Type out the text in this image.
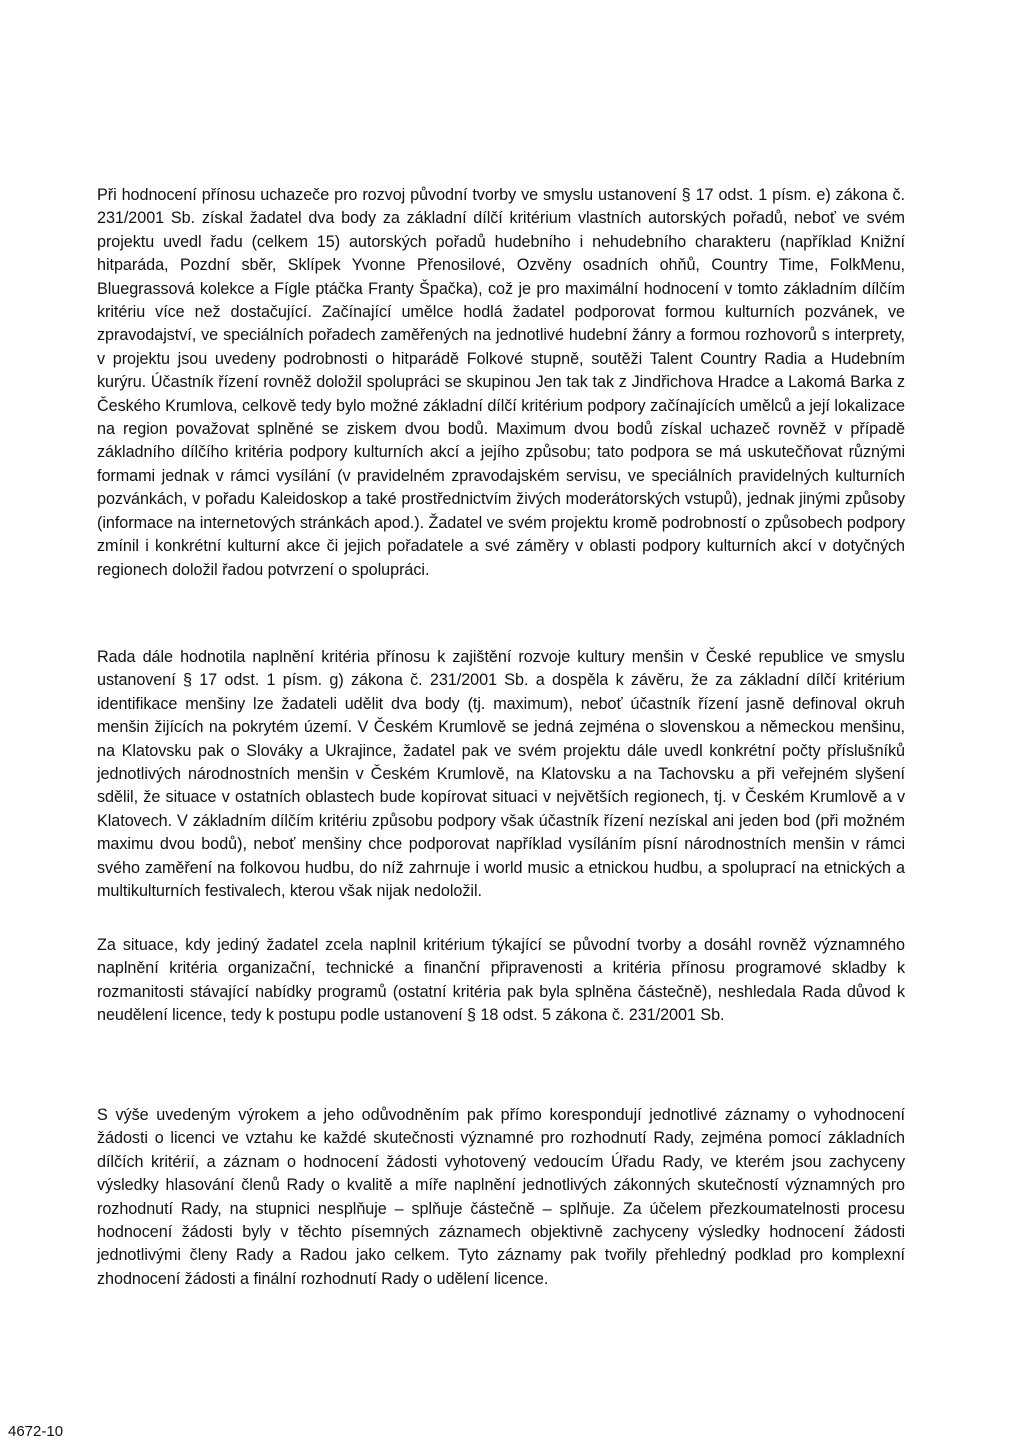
Při hodnocení přínosu uchazeče pro rozvoj původní tvorby ve smyslu ustanovení § 17 odst. 1 písm. e) zákona č. 231/2001 Sb. získal žadatel dva body za základní dílčí kritérium vlastních autorských pořadů, neboť ve svém projektu uvedl řadu (celkem 15) autorských pořadů hudebního i nehudebního charakteru (například Knižní hitparáda, Pozdní sběr, Sklípek Yvonne Přenosilové, Ozvěny osadních ohňů, Country Time, FolkMenu, Bluegrassová kolekce a Fígle ptáčka Franty Špačka), což je pro maximální hodnocení v tomto základním dílčím kritériu více než dostačující. Začínající umělce hodlá žadatel podporovat formou kulturních pozvánek, ve zpravodajství, ve speciálních pořadech zaměřených na jednotlivé hudební žánry a formou rozhovorů s interprety, v projektu jsou uvedeny podrobnosti o hitparádě Folkové stupně, soutěži Talent Country Radia a Hudebním kurýru. Účastník řízení rovněž doložil spolupráci se skupinou Jen tak tak z Jindřichova Hradce a Lakomá Barka z Českého Krumlova, celkově tedy bylo možné základní dílčí kritérium podpory začínajících umělců a její lokalizace na region považovat splněné se ziskem dvou bodů. Maximum dvou bodů získal uchazeč rovněž v případě základního dílčího kritéria podpory kulturních akcí a jejího způsobu; tato podpora se má uskutečňovat různými formami jednak v rámci vysílání (v pravidelném zpravodajském servisu, ve speciálních pravidelných kulturních pozvánkách, v pořadu Kaleidoskop a také prostřednictvím živých moderátorských vstupů), jednak jinými způsoby (informace na internetových stránkách apod.). Žadatel ve svém projektu kromě podrobností o způsobech podpory zmínil i konkrétní kulturní akce či jejich pořadatele a své záměry v oblasti podpory kulturních akcí v dotyčných regionech doložil řadou potvrzení o spolupráci.

Rada dále hodnotila naplnění kritéria přínosu k zajištění rozvoje kultury menšin v České republice ve smyslu ustanovení § 17 odst. 1 písm. g) zákona č. 231/2001 Sb. a dospěla k závěru, že za základní dílčí kritérium identifikace menšiny lze žadateli udělit dva body (tj. maximum), neboť účastník řízení jasně definoval okruh menšin žijících na pokrytém území. V Českém Krumlově se jedná zejména o slovenskou a německou menšinu, na Klatovsku pak o Slováky a Ukrajince, žadatel pak ve svém projektu dále uvedl konkrétní počty příslušníků jednotlivých národnostních menšin v Českém Krumlově, na Klatovsku a na Tachovsku a při veřejném slyšení sdělil, že situace v ostatních oblastech bude kopírovat situaci v největších regionech, tj. v Českém Krumlově a v Klatovech. V základním dílčím kritériu způsobu podpory však účastník řízení nezískal ani jeden bod (při možném maximu dvou bodů), neboť menšiny chce podporovat například vysíláním písní národnostních menšin v rámci svého zaměření na folkovou hudbu, do níž zahrnuje i world music a etnickou hudbu, a spoluprací na etnických a multikulturních festivalech, kterou však nijak nedoložil.

Za situace, kdy jediný žadatel zcela naplnil kritérium týkající se původní tvorby a dosáhl rovněž významného naplnění kritéria organizační, technické a finanční připravenosti a kritéria přínosu programové skladby k rozmanitosti stávající nabídky programů (ostatní kritéria pak byla splněna částečně), neshledala Rada důvod k neudělení licence, tedy k postupu podle ustanovení § 18 odst. 5 zákona č. 231/2001 Sb.

S výše uvedeným výrokem a jeho odůvodněním pak přímo korespondují jednotlivé záznamy o vyhodnocení žádosti o licenci ve vztahu ke každé skutečnosti významné pro rozhodnutí Rady, zejména pomocí základních dílčích kritérií, a záznam o hodnocení žádosti vyhotovený vedoucím Úřadu Rady, ve kterém jsou zachyceny výsledky hlasování členů Rady o kvalitě a míře naplnění jednotlivých zákonných skutečností významných pro rozhodnutí Rady, na stupnici nesplňuje – splňuje částečně – splňuje. Za účelem přezkoumatelnosti procesu hodnocení žádosti byly v těchto písemných záznamech objektivně zachyceny výsledky hodnocení žádosti jednotlivými členy Rady a Radou jako celkem. Tyto záznamy pak tvořily přehledný podklad pro komplexní zhodnocení žádosti a finální rozhodnutí Rady o udělení licence.

4672-10
